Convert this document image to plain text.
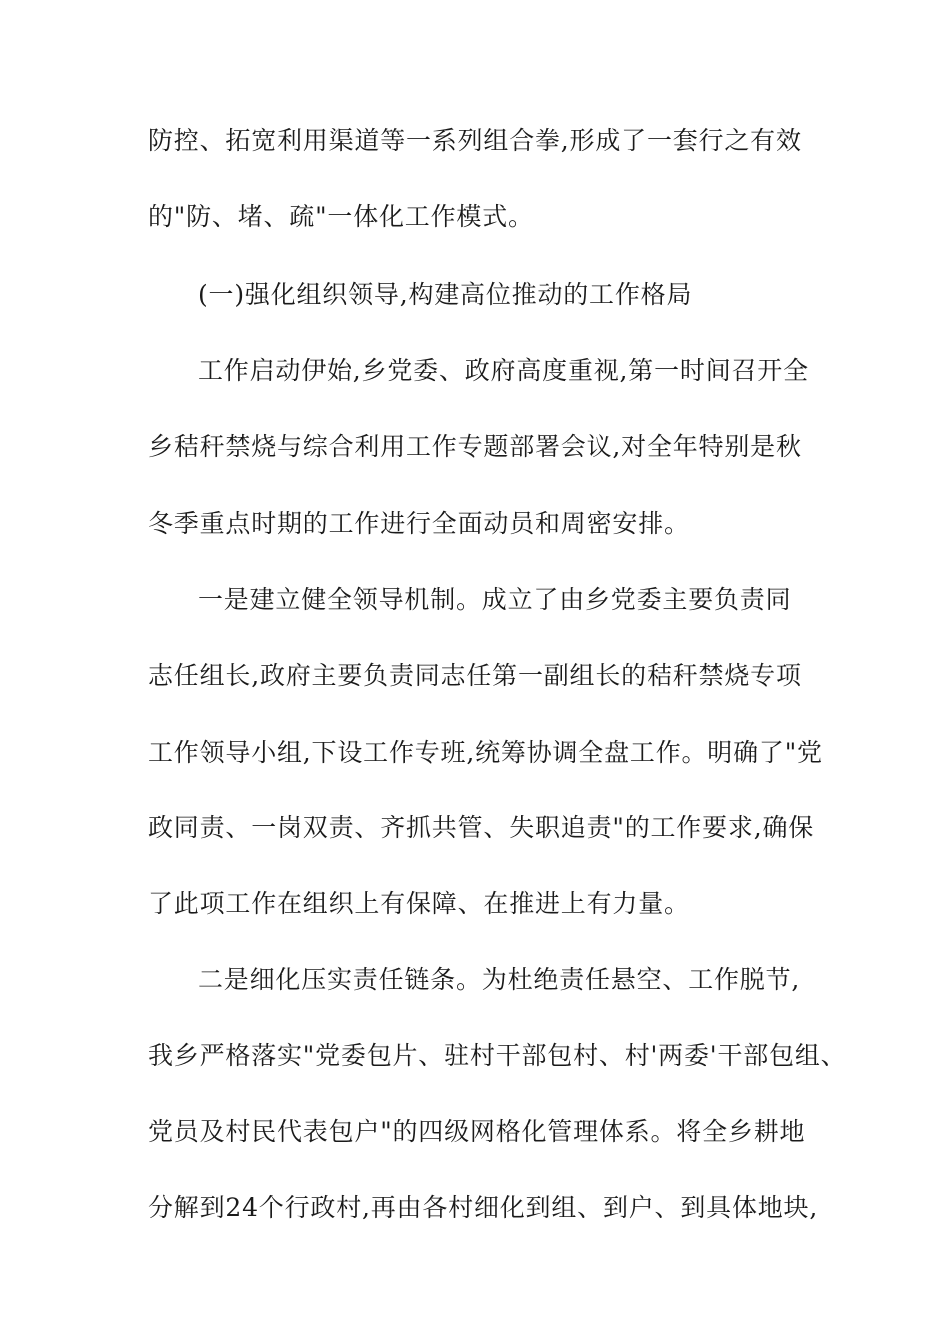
防控、拓宽利用渠道等一系列组合拳,形成了一套行之有效
的"防、堵、疏"一体化工作模式。
(一)强化组织领导,构建高位推动的工作格局
工作启动伊始,乡党委、政府高度重视,第一时间召开全
乡秸秆禁烧与综合利用工作专题部署会议,对全年特别是秋
冬季重点时期的工作进行全面动员和周密安排。
一是建立健全领导机制。成立了由乡党委主要负责同
志任组长,政府主要负责同志任第一副组长的秸秆禁烧专项
工作领导小组,下设工作专班,统筹协调全盘工作。明确了"党
政同责、一岗双责、齐抓共管、失职追责"的工作要求,确保
了此项工作在组织上有保障、在推进上有力量。
二是细化压实责任链条。为杜绝责任悬空、工作脱节,
我乡严格落实"党委包片、驻村干部包村、村'两委'干部包组、
党员及村民代表包户"的四级网格化管理体系。将全乡耕地
分解到24个行政村,再由各村细化到组、到户、到具体地块,
